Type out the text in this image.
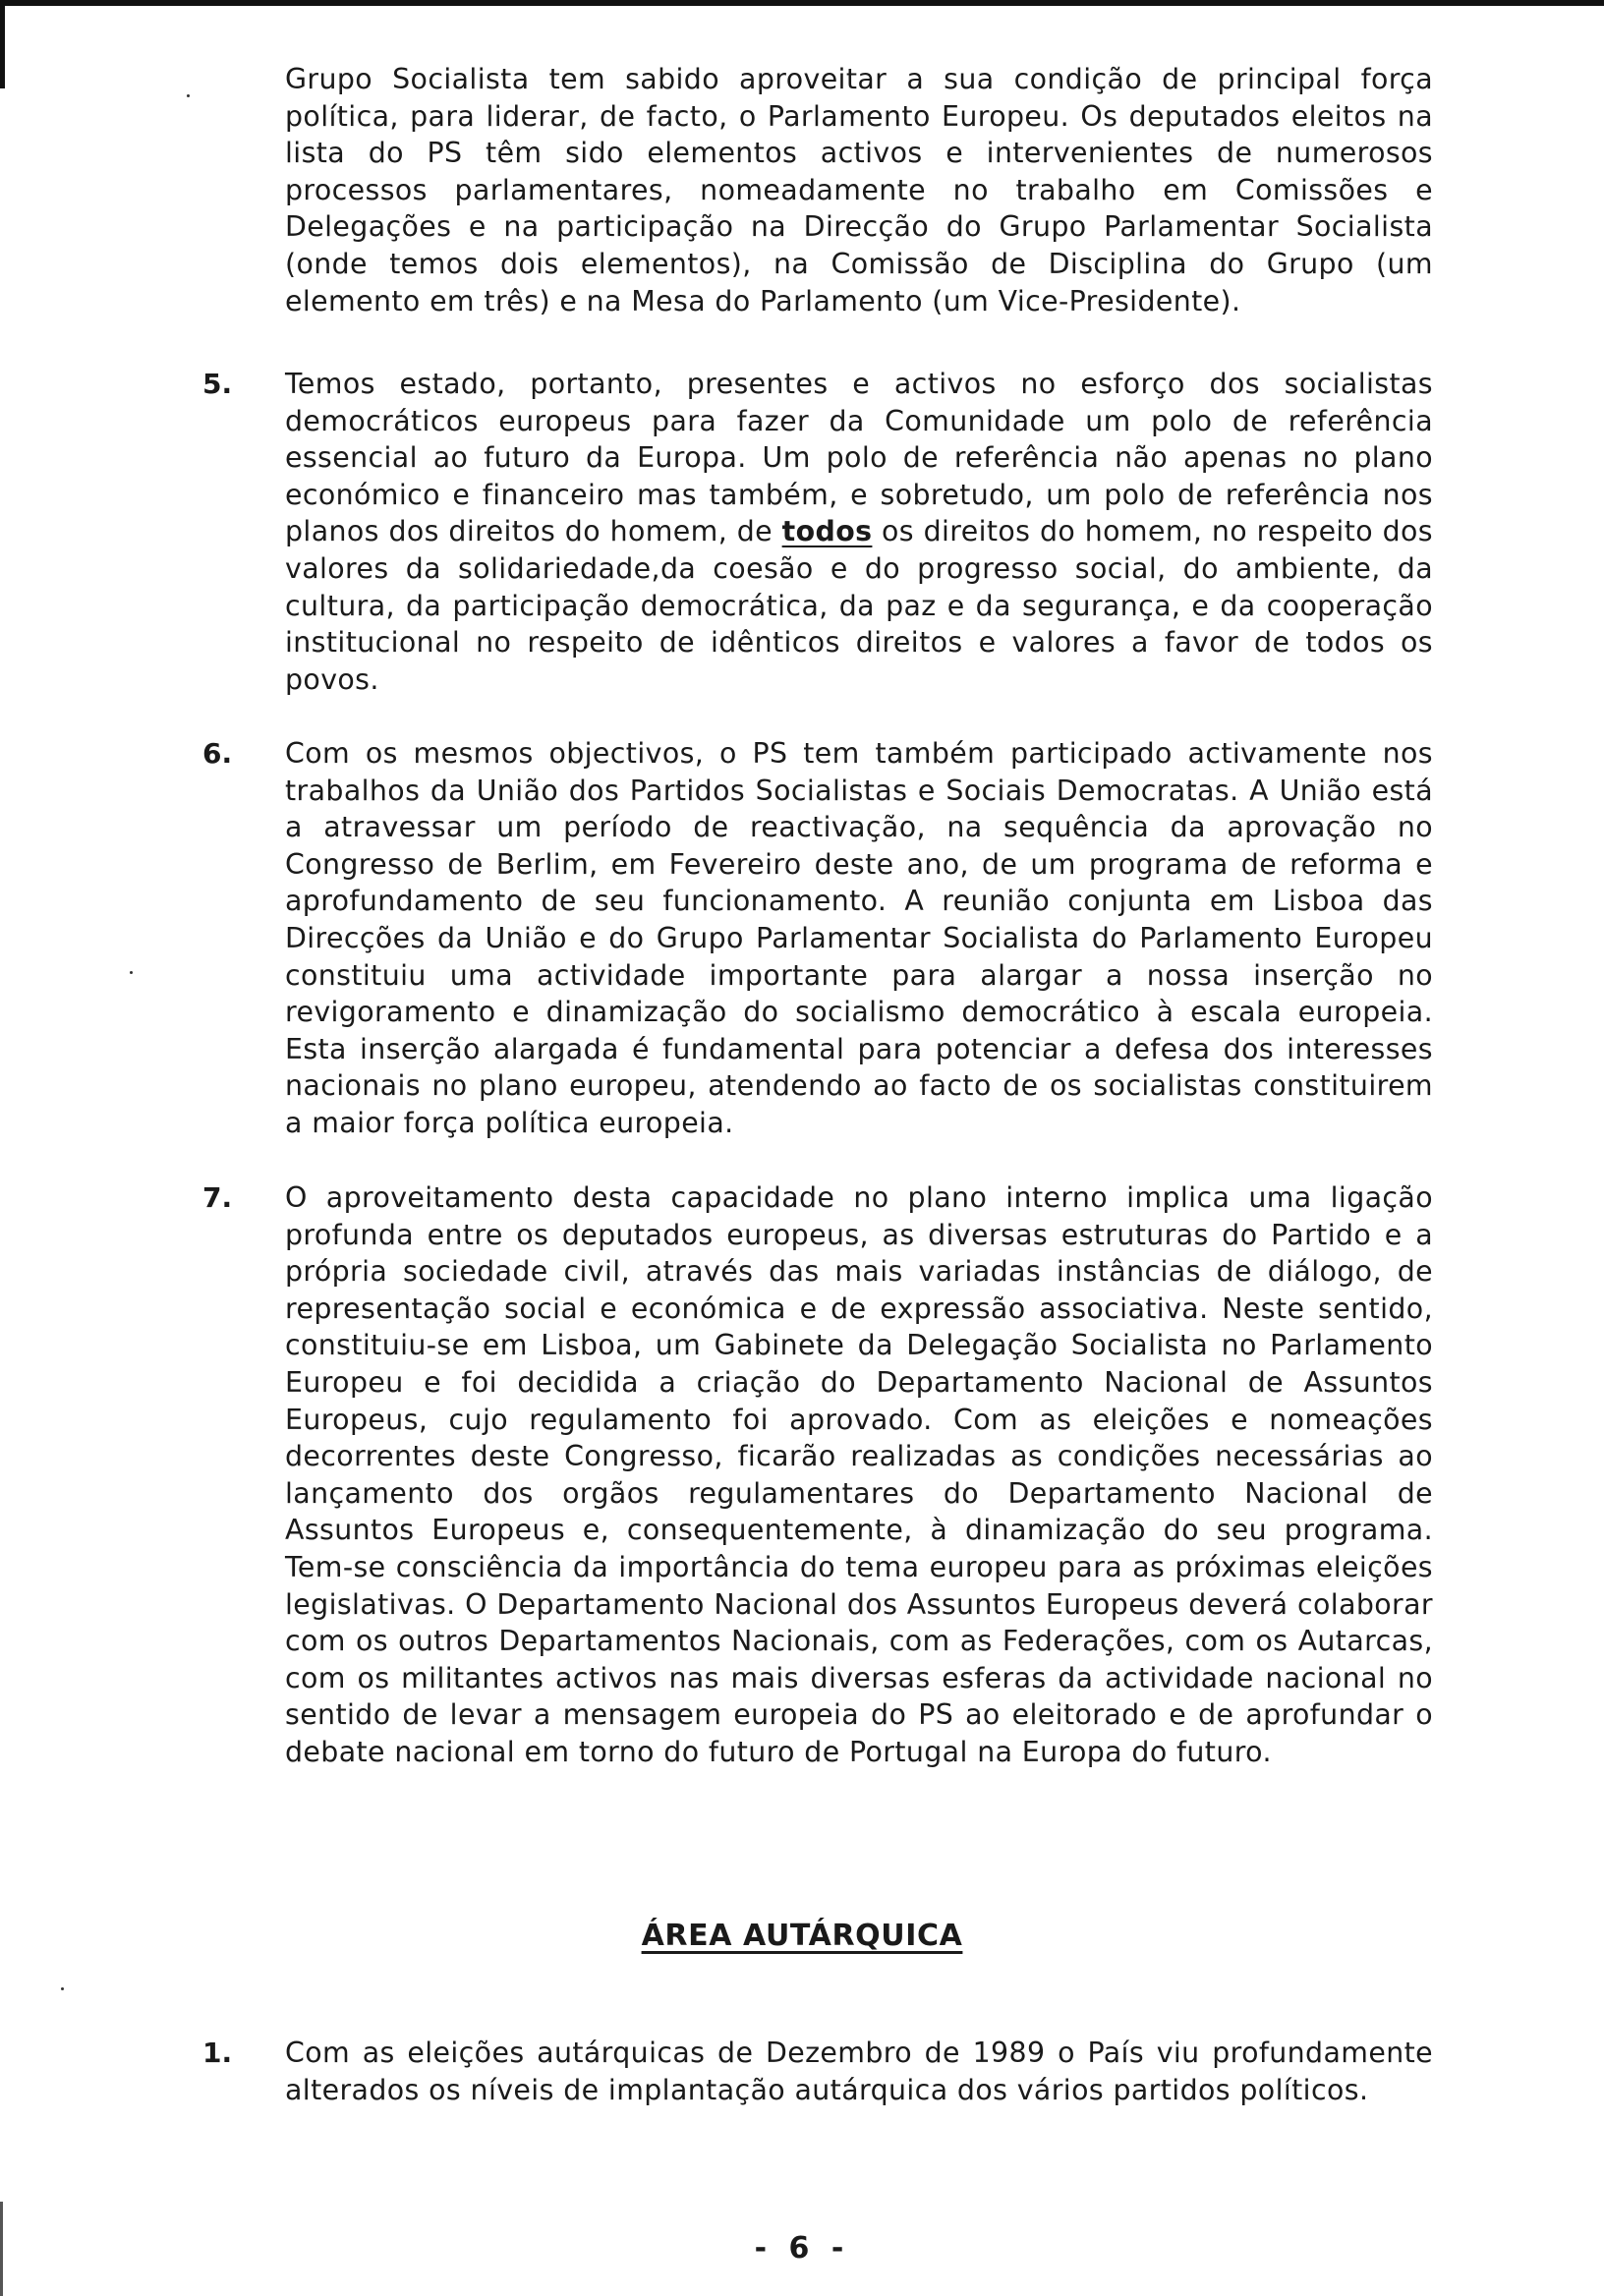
Grupo Socialista tem sabido aproveitar a sua condição de principal força política, para liderar, de facto, o Parlamento Europeu. Os deputados eleitos na lista do PS têm sido elementos activos e intervenientes de numerosos processos parlamentares, nomeadamente no trabalho em Comissões e Delegações e na participação na Direcção do Grupo Parlamentar Socialista (onde temos dois elementos), na Comissão de Disciplina do Grupo (um elemento em três) e na Mesa do Parlamento (um Vice-Presidente).

5. Temos estado, portanto, presentes e activos no esforço dos socialistas democráticos europeus para fazer da Comunidade um polo de referência essencial ao futuro da Europa. Um polo de referência não apenas no plano económico e financeiro mas também, e sobretudo, um polo de referência nos planos dos direitos do homem, de todos os direitos do homem, no respeito dos valores da solidariedade,da coesão e do progresso social, do ambiente, da cultura, da participação democrática, da paz e da segurança, e da cooperação institucional no respeito de idênticos direitos e valores a favor de todos os povos.

6. Com os mesmos objectivos, o PS tem também participado activamente nos trabalhos da União dos Partidos Socialistas e Sociais Democratas. A União está a atravessar um período de reactivação, na sequência da aprovação no Congresso de Berlim, em Fevereiro deste ano, de um programa de reforma e aprofundamento de seu funcionamento. A reunião conjunta em Lisboa das Direcções da União e do Grupo Parlamentar Socialista do Parlamento Europeu constituiu uma actividade importante para alargar a nossa inserção no revigoramento e dinamização do socialismo democrático à escala europeia. Esta inserção alargada é fundamental para potenciar a defesa dos interesses nacionais no plano europeu, atendendo ao facto de os socialistas constituirem a maior força política europeia.

7. O aproveitamento desta capacidade no plano interno implica uma ligação profunda entre os deputados europeus, as diversas estruturas do Partido e a própria sociedade civil, através das mais variadas instâncias de diálogo, de representação social e económica e de expressão associativa. Neste sentido, constituiu-se em Lisboa, um Gabinete da Delegação Socialista no Parlamento Europeu e foi decidida a criação do Departamento Nacional de Assuntos Europeus, cujo regulamento foi aprovado. Com as eleições e nomeações decorrentes deste Congresso, ficarão realizadas as condições necessárias ao lançamento dos orgãos regulamentares do Departamento Nacional de Assuntos Europeus e, consequentemente, à dinamização do seu programa. Tem-se consciência da importância do tema europeu para as próximas eleições legislativas. O Departamento Nacional dos Assuntos Europeus deverá colaborar com os outros Departamentos Nacionais, com as Federações, com os Autarcas, com os militantes activos nas mais diversas esferas da actividade nacional no sentido de levar a mensagem europeia do PS ao eleitorado e de aprofundar o debate nacional em torno do futuro de Portugal na Europa do futuro.

ÁREA AUTÁRQUICA
1. Com as eleições autárquicas de Dezembro de 1989 o País viu profundamente alterados os níveis de implantação autárquica dos vários partidos políticos.

- 6 -
